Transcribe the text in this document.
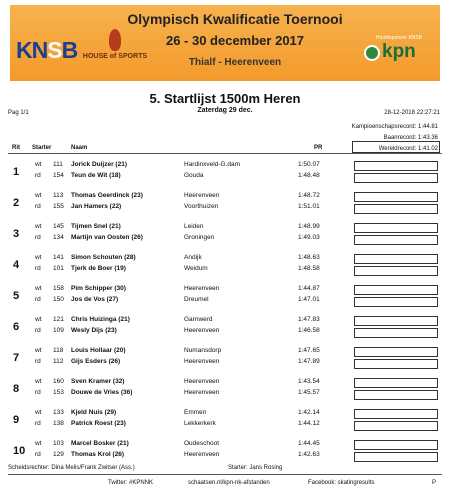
KNSB HOUSE of SPORTS
Olympisch Kwalificatie Toernooi
26 - 30 december 2017
Thialf - Heerenveen
Hoofdsponsor KNSB
kpn
Pag 1/1
5. Startlijst 1500m Heren
Zaterdag 29 dec.	28-12-2018 22:27:21
Kampioenschapsrecord: 1:44.81
Baanrecord: 1:43.36
Wereldrecord: 1:41.02
Rit Starter	Naam	PR
1
wt 111 Jorick Duijzer (21)	Hardinxveld-G.dam	1:50.07
rd 154 Teun de Wit (18)	Gouda	1:48.48
2
wt 113 Thomas Geerdinck (23)	Heerenveen	1:48.72
rd 155 Jan Hamers (22)	Voorthuizen	1:51.01
3
wt 145 Tijmen Snel (21)	Leiden	1:48.99
rd 134 Martijn van Oosten (26)	Groningen	1:49.03
4
wt 141 Simon Schouten (28)	Andijk	1:48.63
rd 101 Tjerk de Boer (19)	Weidum	1:48.58
5
wt 158 Pim Schipper (30)	Heerenveen	1:44.87
rd 150 Jos de Vos (27)	Dreumel	1:47.01
6
wt 121 Chris Huizinga (21)	Garnwerd	1:47.83
rd 109 Wesly Dijs (23)	Heerenveen	1:46.58
7
wt 118 Louis Hollaar (20)	Numansdorp	1:47.65
rd 112 Gijs Esders (26)	Heerenveen	1:47.89
8
wt 160 Sven Kramer (32)	Heerenveen	1:43.54
rd 153 Douwe de Vries (36)	Heerenveen	1:45.57
9
wt 133 Kjeld Nuis (29)	Emmen	1:42.14
rd 138 Patrick Roest (23)	Lekkerkerk	1:44.12
10
wt 103 Marcel Bosker (21)	Oudeschoot	1:44.45
rd 129 Thomas Krol (26)	Heerenveen	1:42.63
Scheidsrechter: Dina Melis/Frank Zwitser (Ass.)	Starter: Jans Rosing
Twitter: #KPNNK	schaatsen.nl/kpn-nk-afstanden	Facebook: skatingresults	P
